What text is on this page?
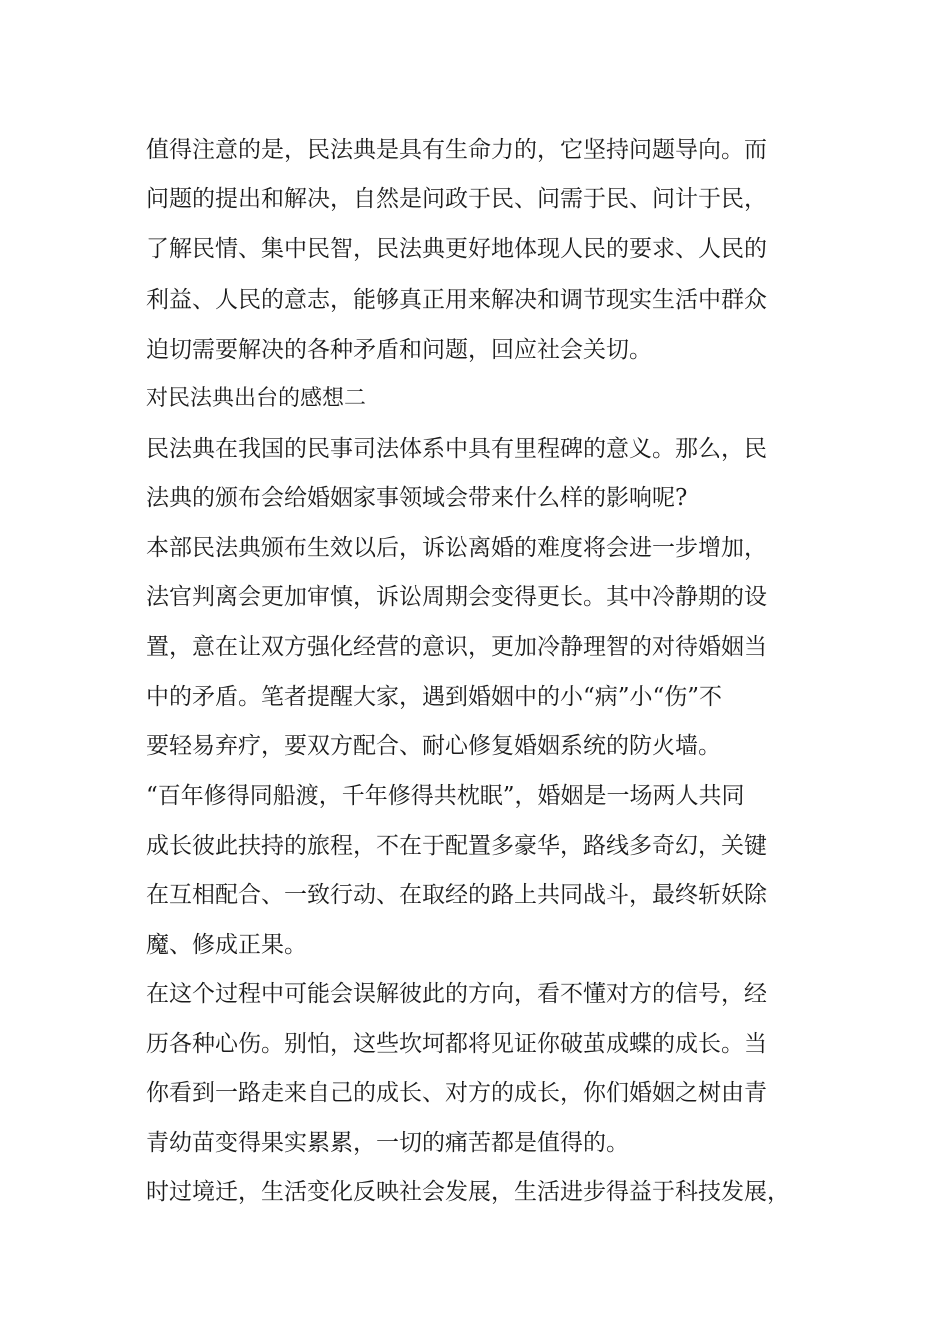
值得注意的是，民法典是具有生命力的，它坚持问题导向。而
问题的提出和解决，自然是问政于民、问需于民、问计于民，
了解民情、集中民智，民法典更好地体现人民的要求、人民的
利益、人民的意志，能够真正用来解决和调节现实生活中群众
迫切需要解决的各种矛盾和问题，回应社会关切。
对民法典出台的感想二
民法典在我国的民事司法体系中具有里程碑的意义。那么，民
法典的颁布会给婚姻家事领域会带来什么样的影响呢?
本部民法典颁布生效以后，诉讼离婚的难度将会进一步增加，
法官判离会更加审慎，诉讼周期会变得更长。其中冷静期的设
置，意在让双方强化经营的意识，更加冷静理智的对待婚姻当
中的矛盾。笔者提醒大家，遇到婚姻中的小“病”小“伤”不
要轻易弃疗，要双方配合、耐心修复婚姻系统的防火墙。
“百年修得同船渡，千年修得共枕眠”，婚姻是一场两人共同
成长彼此扶持的旅程，不在于配置多豪华，路线多奇幻，关键
在互相配合、一致行动、在取经的路上共同战斗，最终斩妖除
魔、修成正果。
在这个过程中可能会误解彼此的方向，看不懂对方的信号，经
历各种心伤。别怕，这些坎坷都将见证你破茧成蝶的成长。当
你看到一路走来自己的成长、对方的成长，你们婚姻之树由青
青幼苗变得果实累累，一切的痛苦都是值得的。
时过境迁，生活变化反映社会发展，生活进步得益于科技发展，
